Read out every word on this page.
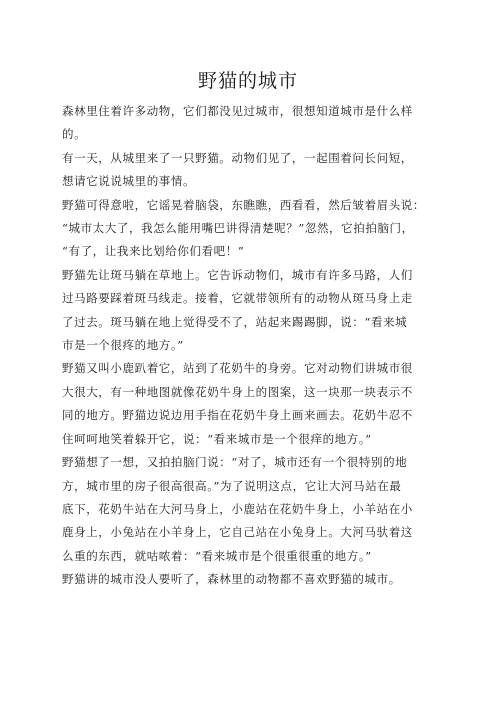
野猫的城市

森林里住着许多动物，它们都没见过城市，很想知道城市是什么样
的。

有一天，从城里来了一只野猫。动物们见了，一起围着问长问短，
想请它说说城里的事情。

野猫可得意啦，它谣晃着脑袋，东瞧瞧，西看看，然后皱着眉头说：
“城市太大了，我怎么能用嘴巴讲得清楚呢？”忽然，它拍拍脑门，
“有了，让我来比划给你们看吧！”

野猫先让斑马躺在草地上。它告诉动物们，城市有许多马路，人们
过马路要踩着斑马线走。接着，它就带领所有的动物从斑马身上走
了过去。斑马躺在地上觉得受不了，站起来踢踢脚，说：“看来城
市是一个很疼的地方。”

野猫又叫小鹿趴着它，站到了花奶牛的身旁。它对动物们讲城市很
大很大，有一种地图就像花奶牛身上的图案，这一块那一块表示不
同的地方。野猫边说边用手指在花奶牛身上画来画去。花奶牛忍不
住呵呵地笑着躲开它，说：“看来城市是一个很痒的地方。”

野猫想了一想，又拍拍脑门说：“对了，城市还有一个很特别的地
方，城市里的房子很高很高。”为了说明这点，它让大河马站在最
底下，花奶牛站在大河马身上，小鹿站在花奶牛身上，小羊站在小
鹿身上，小兔站在小羊身上，它自己站在小兔身上。大河马驮着这
么重的东西，就咕哝着：“看来城市是个很重很重的地方。”

野猫讲的城市没人要听了，森林里的动物都不喜欢野猫的城市。
